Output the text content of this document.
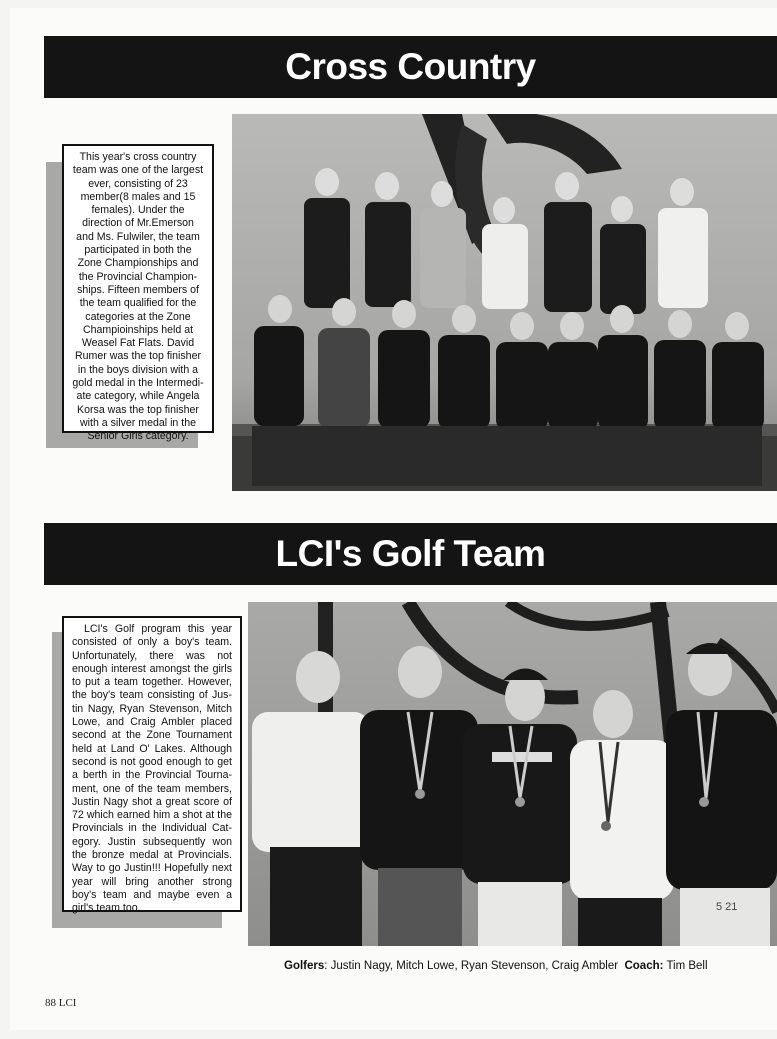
Cross Country
This year's cross country team was one of the largest ever, consisting of 23 member(8 males and 15 females). Under the direction of Mr.Emerson and Ms. Fulwiler, the team participated in both the Zone Championships and the Provincial Champion-ships. Fifteen members of the team qualified for the categories at the Zone Champioinships held at Weasel Fat Flats. David Rumer was the top finisher in the boys division with a gold medal in the Intermedi-ate category, while Angela Korsa was the top finisher with a silver medal in the Senior Girls category.
LCI's Golf Team
LCI's Golf program this year consisted of only a boy's team. Unfortunately, there was not enough interest amongst the girls to put a team together. However, the boy's team consisting of Jus-tin Nagy, Ryan Stevenson, Mitch Lowe, and Craig Ambler placed second at the Zone Tournament held at Land O' Lakes. Although second is not good enough to get a berth in the Provincial Tourna-ment, one of the team members, Justin Nagy shot a great score of 72 which earned him a shot at the Provincials in the Individual Cat-egory. Justin subsequently won the bronze medal at Provincials. Way to go Justin!!! Hopefully next year will bring another strong boy's team and maybe even a girl's team too.	5 21
Golfers: Justin Nagy, Mitch Lowe, Ryan Stevenson, Craig Ambler Coach: Tim Bell
88 LCI
